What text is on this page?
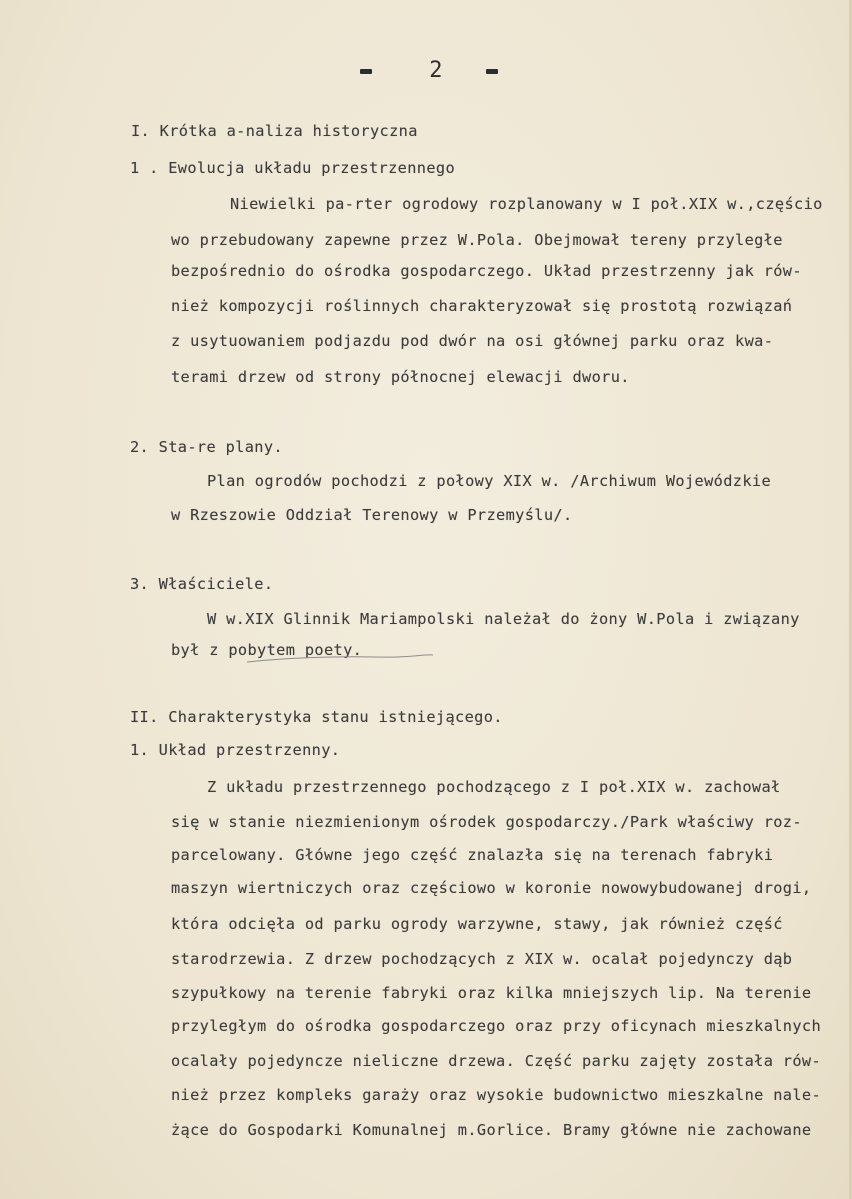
2
I. Krótka a-naliza historyczna
1 . Ewolucja układu przestrzennego
Niewielki pa-rter ogrodowy rozplanowany w I poł.XIX w.,częścio
wo przebudowany zapewne przez W.Pola. Obejmował tereny przyległe
bezpośrednio do ośrodka gospodarczego. Układ przestrzenny jak rów-
nież kompozycji roślinnych charakteryzował się prostotą rozwiązań
z usytuowaniem podjazdu pod dwór na osi głównej parku oraz kwa-
terami drzew od strony północnej elewacji dworu.
2. Sta-re plany.
Plan ogrodów pochodzi z połowy XIX w. /Archiwum Wojewódzkie
w Rzeszowie Oddział Terenowy w Przemyślu/.
3. Właściciele.
W w.XIX Glinnik Mariampolski należał do żony W.Pola i związany
był z pobytem poety.
II. Charakterystyka stanu istniejącego.
1. Układ przestrzenny.
Z układu przestrzennego pochodzącego z I poł.XIX w. zachował
się w stanie niezmienionym ośrodek gospodarczy./Park właściwy roz-
parcelowany. Główne jego część znalazła się na terenach fabryki
maszyn wiertniczych oraz częściowo w koronie nowowybudowanej drogi,
która odcięła od parku ogrody warzywne, stawy, jak również część
starodrzewia. Z drzew pochodzących z XIX w. ocalał pojedynczy dąb
szypułkowy na terenie fabryki oraz kilka mniejszych lip. Na terenie
przyległym do ośrodka gospodarczego oraz przy oficynach mieszkalnych
ocalały pojedyncze nieliczne drzewa. Część parku zajęty została rów-
nież przez kompleks garaży oraz wysokie budownictwo mieszkalne nale-
żące do Gospodarki Komunalnej m.Gorlice. Bramy główne nie zachowane
